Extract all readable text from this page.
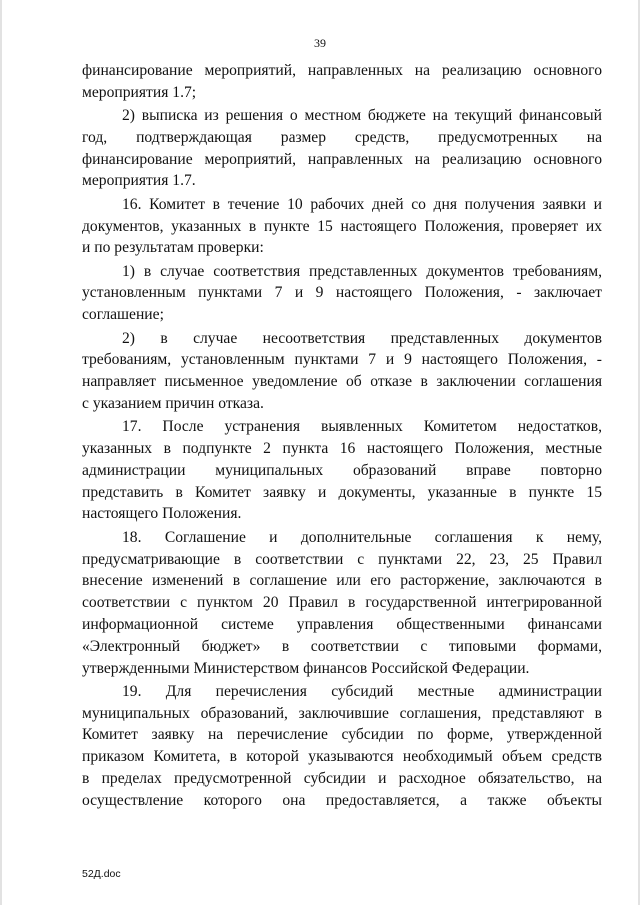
39
финансирование мероприятий, направленных на реализацию основного
мероприятия 1.7;
2) выписка из решения о местном бюджете на текущий финансовый
год, подтверждающая размер средств, предусмотренных на
финансирование мероприятий, направленных на реализацию основного
мероприятия 1.7.
16. Комитет в течение 10 рабочих дней со дня получения заявки и
документов, указанных в пункте 15 настоящего Положения, проверяет их
и по результатам проверки:
1) в случае соответствия представленных документов требованиям,
установленным пунктами 7 и 9 настоящего Положения, - заключает
соглашение;
2) в случае несоответствия представленных документов
требованиям, установленным пунктами 7 и 9 настоящего Положения, -
направляет письменное уведомление об отказе в заключении соглашения
с указанием причин отказа.
17. После устранения выявленных Комитетом недостатков,
указанных в подпункте 2 пункта 16 настоящего Положения, местные
администрации муниципальных образований вправе повторно
представить в Комитет заявку и документы, указанные в пункте 15
настоящего Положения.
18. Соглашение и дополнительные соглашения к нему,
предусматривающие в соответствии с пунктами 22, 23, 25 Правил
внесение изменений в соглашение или его расторжение, заключаются в
соответствии с пунктом 20 Правил в государственной интегрированной
информационной системе управления общественными финансами
«Электронный бюджет» в соответствии с типовыми формами,
утвержденными Министерством финансов Российской Федерации.
19. Для перечисления субсидий местные администрации
муниципальных образований, заключившие соглашения, представляют в
Комитет заявку на перечисление субсидии по форме, утвержденной
приказом Комитета, в которой указываются необходимый объем средств
в пределах предусмотренной субсидии и расходное обязательство, на
осуществление которого она предоставляется, а также объекты
52Д.doc
